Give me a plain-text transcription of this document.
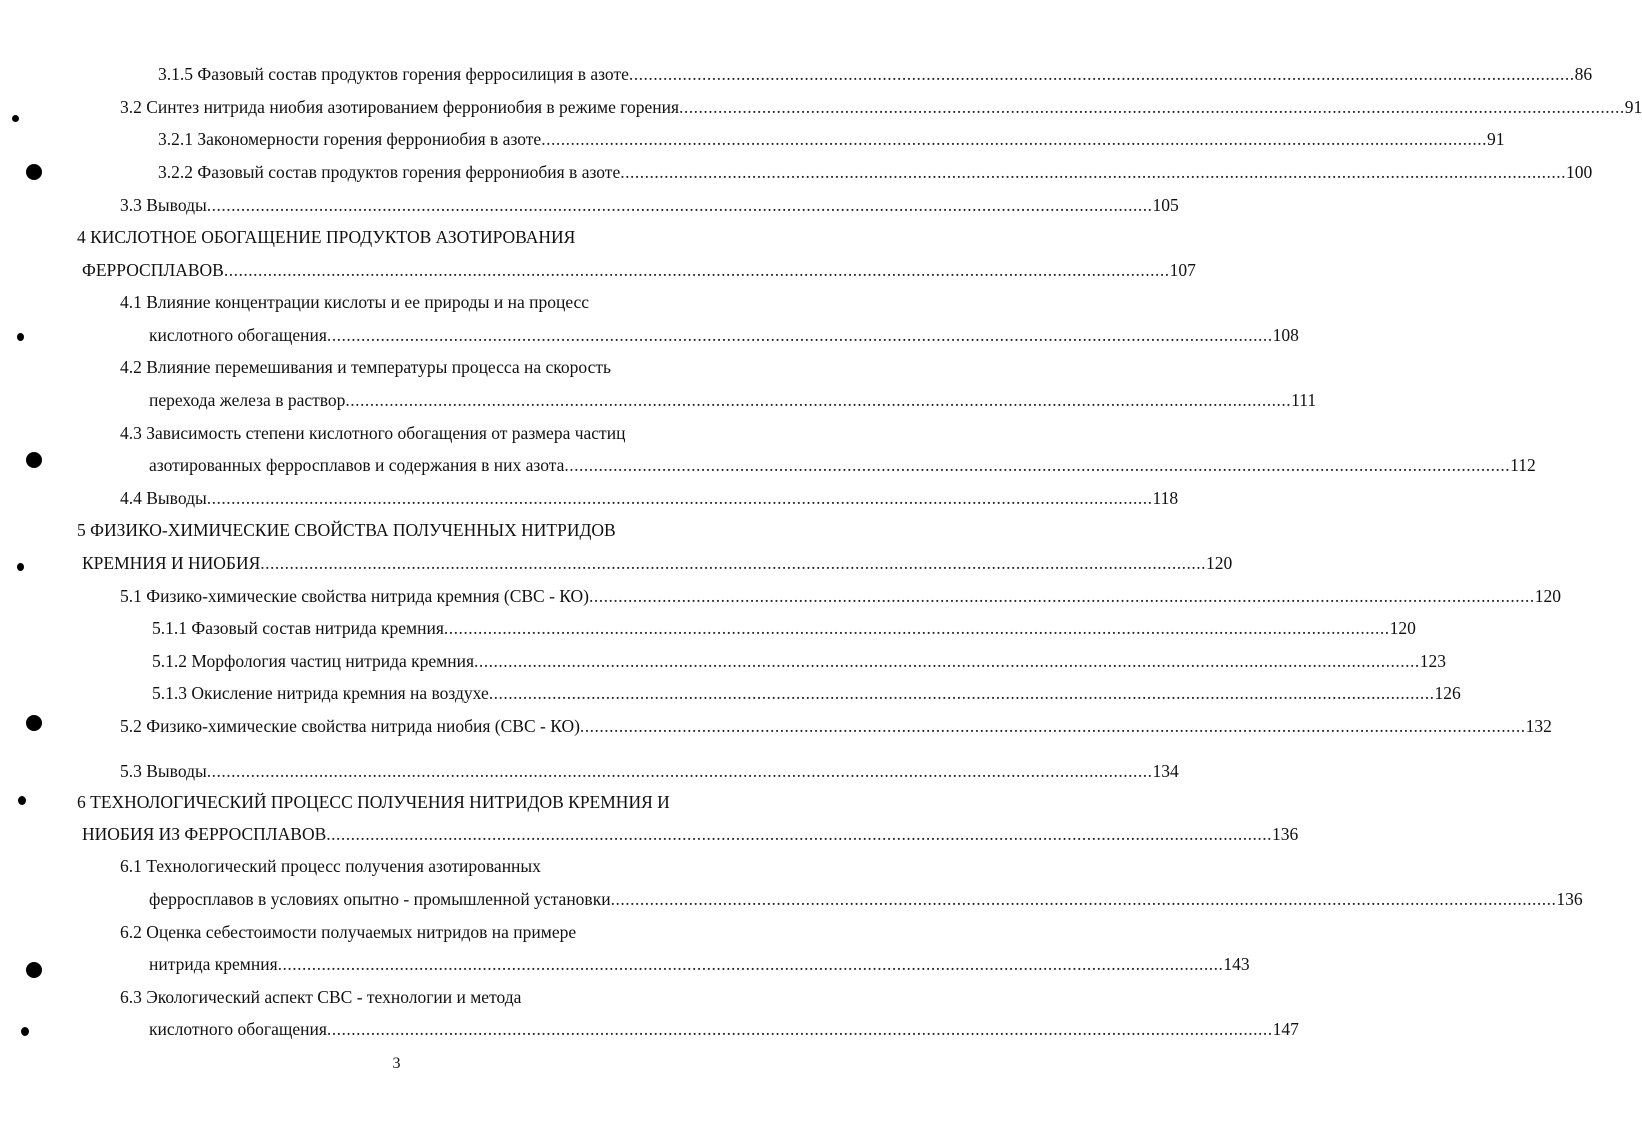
3.1.5 Фазовый состав продуктов горения ферросилиция в азоте .................................................................................................................................................................................................. 86
3.2 Синтез нитрида ниобия азотированием феррониобия в режиме горения .................................................................................................................................................................................................. 91
3.2.1 Закономерности горения феррониобия в азоте .................................................................................................................................................................................................. 91
3.2.2 Фазовый состав продуктов горения феррониобия в азоте .................................................................................................................................................................................................. 100
3.3 Выводы .................................................................................................................................................................................................. 105
4 КИСЛОТНОЕ ОБОГАЩЕНИЕ ПРОДУКТОВ АЗОТИРОВАНИЯ
ФЕРРОСПЛАВОВ .................................................................................................................................................................................................. 107
4.1 Влияние концентрации кислоты и ее природы и на процесс
кислотного обогащения .................................................................................................................................................................................................. 108
4.2 Влияние перемешивания и температуры процесса на скорость
перехода железа в раствор .................................................................................................................................................................................................. 111
4.3 Зависимость степени кислотного обогащения от размера частиц
азотированных ферросплавов и содержания в них азота .................................................................................................................................................................................................. 112
4.4 Выводы .................................................................................................................................................................................................. 118
5 ФИЗИКО-ХИМИЧЕСКИЕ СВОЙСТВА ПОЛУЧЕННЫХ НИТРИДОВ
КРЕМНИЯ И НИОБИЯ .................................................................................................................................................................................................. 120
5.1 Физико-химические свойства нитрида кремния (СВС - КО) .................................................................................................................................................................................................. 120
5.1.1 Фазовый состав нитрида кремния .................................................................................................................................................................................................. 120
5.1.2 Морфология частиц нитрида кремния .................................................................................................................................................................................................. 123
5.1.3 Окисление нитрида кремния на воздухе .................................................................................................................................................................................................. 126
5.2 Физико-химические свойства нитрида ниобия (СВС - КО) .................................................................................................................................................................................................. 132
5.3 Выводы .................................................................................................................................................................................................. 134
6 ТЕХНОЛОГИЧЕСКИЙ ПРОЦЕСС ПОЛУЧЕНИЯ НИТРИДОВ КРЕМНИЯ И
НИОБИЯ ИЗ ФЕРРОСПЛАВОВ .................................................................................................................................................................................................. 136
6.1 Технологический процесс получения азотированных
ферросплавов в условиях опытно - промышленной установки .................................................................................................................................................................................................. 136
6.2 Оценка себестоимости получаемых нитридов на примере
нитрида кремния .................................................................................................................................................................................................. 143
6.3 Экологический аспект СВС - технологии и метода
кислотного обогащения .................................................................................................................................................................................................. 147
3
